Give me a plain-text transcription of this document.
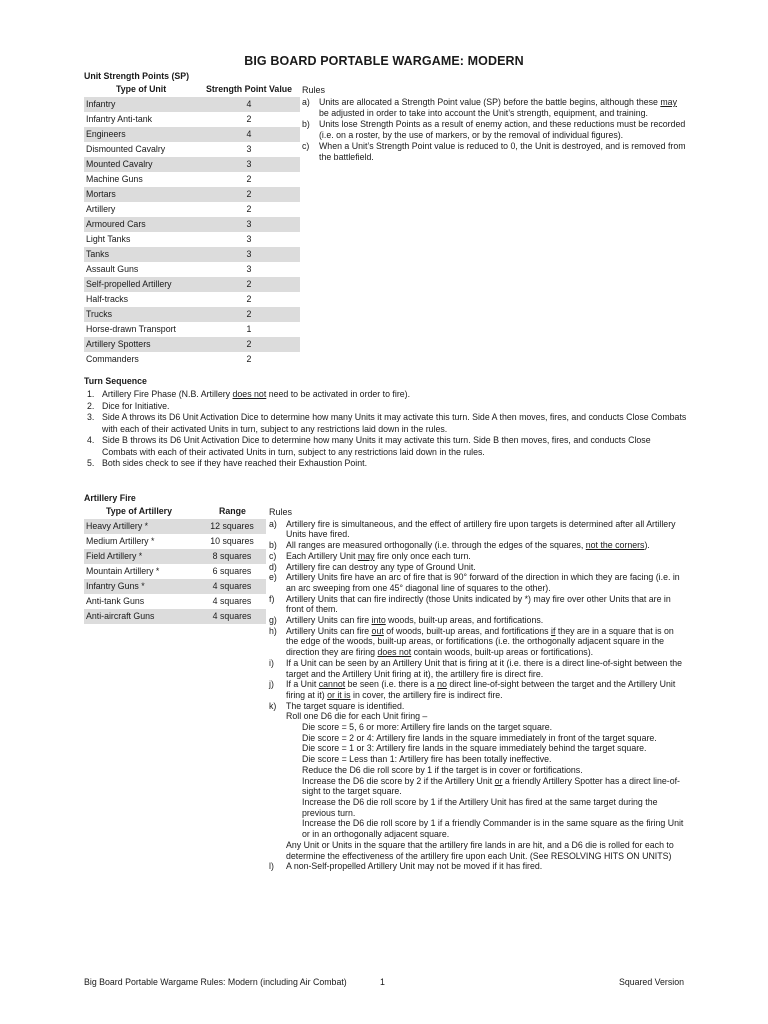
BIG BOARD PORTABLE WARGAME: MODERN
Unit Strength Points (SP)
Type of Unit	Strength Point Value
Infantry	4
Infantry Anti-tank	2
Engineers	4
Dismounted Cavalry	3
Mounted Cavalry	3
Machine Guns	2
Mortars	2
Artillery	2
Armoured Cars	3
Light Tanks	3
Tanks	3
Assault Guns	3
Self-propelled Artillery	2
Half-tracks	2
Trucks	2
Horse-drawn Transport	1
Artillery Spotters	2
Commanders	2
Rules
a) Units are allocated a Strength Point value (SP) before the battle begins, although these may be adjusted in order to take into account the Unit’s strength, equipment, and training.
b) Units lose Strength Points as a result of enemy action, and these reductions must be recorded (i.e. on a roster, by the use of markers, or by the removal of individual figures).
c) When a Unit’s Strength Point value is reduced to 0, the Unit is destroyed, and is removed from the battlefield.
Turn Sequence
1. Artillery Fire Phase (N.B. Artillery does not need to be activated in order to fire).
2. Dice for Initiative.
3. Side A throws its D6 Unit Activation Dice to determine how many Units it may activate this turn. Side A then moves, fires, and conducts Close Combats with each of their activated Units in turn, subject to any restrictions laid down in the rules.
4. Side B throws its D6 Unit Activation Dice to determine how many Units it may activate this turn. Side B then moves, fires, and conducts Close Combats with each of their activated Units in turn, subject to any restrictions laid down in the rules.
5. Both sides check to see if they have reached their Exhaustion Point.
Artillery Fire
Type of Artillery	Range
Heavy Artillery *	12 squares
Medium Artillery *	10 squares
Field Artillery *	8 squares
Mountain Artillery *	6 squares
Infantry Guns *	4 squares
Anti-tank Guns	4 squares
Anti-aircraft Guns	4 squares
Rules
a) Artillery fire is simultaneous, and the effect of artillery fire upon targets is determined after all Artillery Units have fired.
b) All ranges are measured orthogonally (i.e. through the edges of the squares, not the corners).
c) Each Artillery Unit may fire only once each turn.
d) Artillery fire can destroy any type of Ground Unit.
e) Artillery Units fire have an arc of fire that is 90° forward of the direction in which they are facing (i.e. in an arc sweeping from one 45° diagonal line of squares to the other).
f) Artillery Units that can fire indirectly (those Units indicated by *) may fire over other Units that are in front of them.
g) Artillery Units can fire into woods, built-up areas, and fortifications.
h) Artillery Units can fire out of woods, built-up areas, and fortifications if they are in a square that is on the edge of the woods, built-up areas, or fortifications (i.e. the orthogonally adjacent square in the direction they are firing does not contain woods, built-up areas or fortifications).
i) If a Unit can be seen by an Artillery Unit that is firing at it (i.e. there is a direct line-of-sight between the target and the Artillery Unit firing at it), the artillery fire is direct fire.
j) If a Unit cannot be seen (i.e. there is a no direct line-of-sight between the target and the Artillery Unit firing at it) or it is in cover, the artillery fire is indirect fire.
k) The target square is identified.
Roll one D6 die for each Unit firing –
Die score = 5, 6 or more: Artillery fire lands on the target square.
Die score = 2 or 4: Artillery fire lands in the square immediately in front of the target square.
Die score = 1 or 3: Artillery fire lands in the square immediately behind the target square.
Die score = Less than 1: Artillery fire has been totally ineffective.
Reduce the D6 die roll score by 1 if the target is in cover or fortifications.
Increase the D6 die score by 2 if the Artillery Unit or a friendly Artillery Spotter has a direct line-of-sight to the target square.
Increase the D6 die roll score by 1 if the Artillery Unit has fired at the same target during the previous turn.
Increase the D6 die roll score by 1 if a friendly Commander is in the same square as the firing Unit or in an orthogonally adjacent square.
Any Unit or Units in the square that the artillery fire lands in are hit, and a D6 die is rolled for each to determine the effectiveness of the artillery fire upon each Unit. (See RESOLVING HITS ON UNITS)
l) A non-Self-propelled Artillery Unit may not be moved if it has fired.
Big Board Portable Wargame Rules: Modern (including Air Combat)	1	Squared Version
